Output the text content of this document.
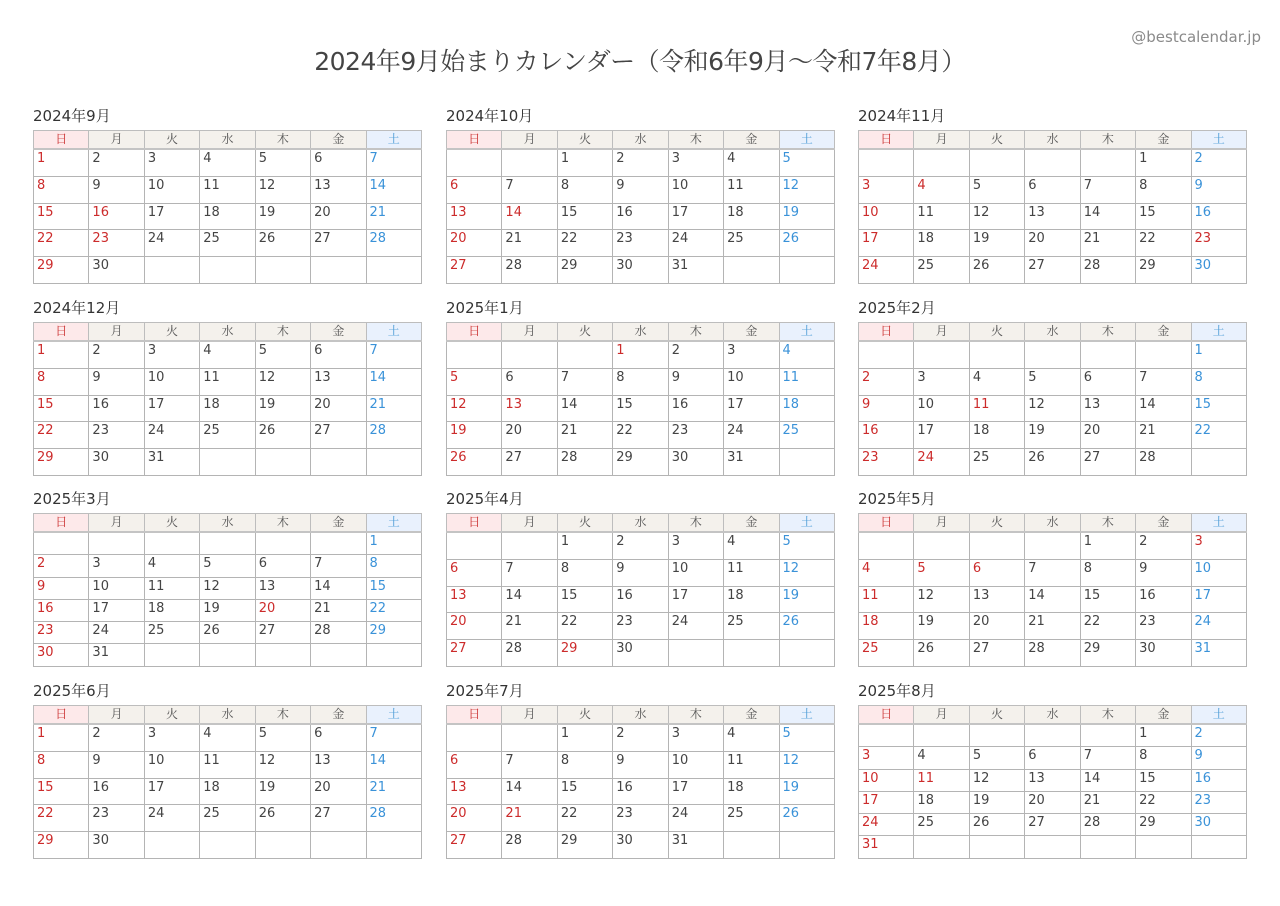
2024年9月始まりカレンダー（令和6年9月〜令和7年8月）
@bestcalendar.jp
2024年9月
日	月	火	水	木	金	土
1	2	3	4	5	6	7
8	9	10	11	12	13	14
15	16	17	18	19	20	21
22	23	24	25	26	27	28
29	30					
2024年10月
日	月	火	水	木	金	土
		1	2	3	4	5
6	7	8	9	10	11	12
13	14	15	16	17	18	19
20	21	22	23	24	25	26
27	28	29	30	31		
2024年11月
日	月	火	水	木	金	土
					1	2
3	4	5	6	7	8	9
10	11	12	13	14	15	16
17	18	19	20	21	22	23
24	25	26	27	28	29	30
2024年12月
日	月	火	水	木	金	土
1	2	3	4	5	6	7
8	9	10	11	12	13	14
15	16	17	18	19	20	21
22	23	24	25	26	27	28
29	30	31				
2025年1月
日	月	火	水	木	金	土
			1	2	3	4
5	6	7	8	9	10	11
12	13	14	15	16	17	18
19	20	21	22	23	24	25
26	27	28	29	30	31	
2025年2月
日	月	火	水	木	金	土
						1
2	3	4	5	6	7	8
9	10	11	12	13	14	15
16	17	18	19	20	21	22
23	24	25	26	27	28	
2025年3月
日	月	火	水	木	金	土
						1
2	3	4	5	6	7	8
9	10	11	12	13	14	15
16	17	18	19	20	21	22
23	24	25	26	27	28	29
30	31					
2025年4月
日	月	火	水	木	金	土
		1	2	3	4	5
6	7	8	9	10	11	12
13	14	15	16	17	18	19
20	21	22	23	24	25	26
27	28	29	30			
2025年5月
日	月	火	水	木	金	土
				1	2	3
4	5	6	7	8	9	10
11	12	13	14	15	16	17
18	19	20	21	22	23	24
25	26	27	28	29	30	31
2025年6月
日	月	火	水	木	金	土
1	2	3	4	5	6	7
8	9	10	11	12	13	14
15	16	17	18	19	20	21
22	23	24	25	26	27	28
29	30					
2025年7月
日	月	火	水	木	金	土
		1	2	3	4	5
6	7	8	9	10	11	12
13	14	15	16	17	18	19
20	21	22	23	24	25	26
27	28	29	30	31		
2025年8月
日	月	火	水	木	金	土
					1	2
3	4	5	6	7	8	9
10	11	12	13	14	15	16
17	18	19	20	21	22	23
24	25	26	27	28	29	30
31						
